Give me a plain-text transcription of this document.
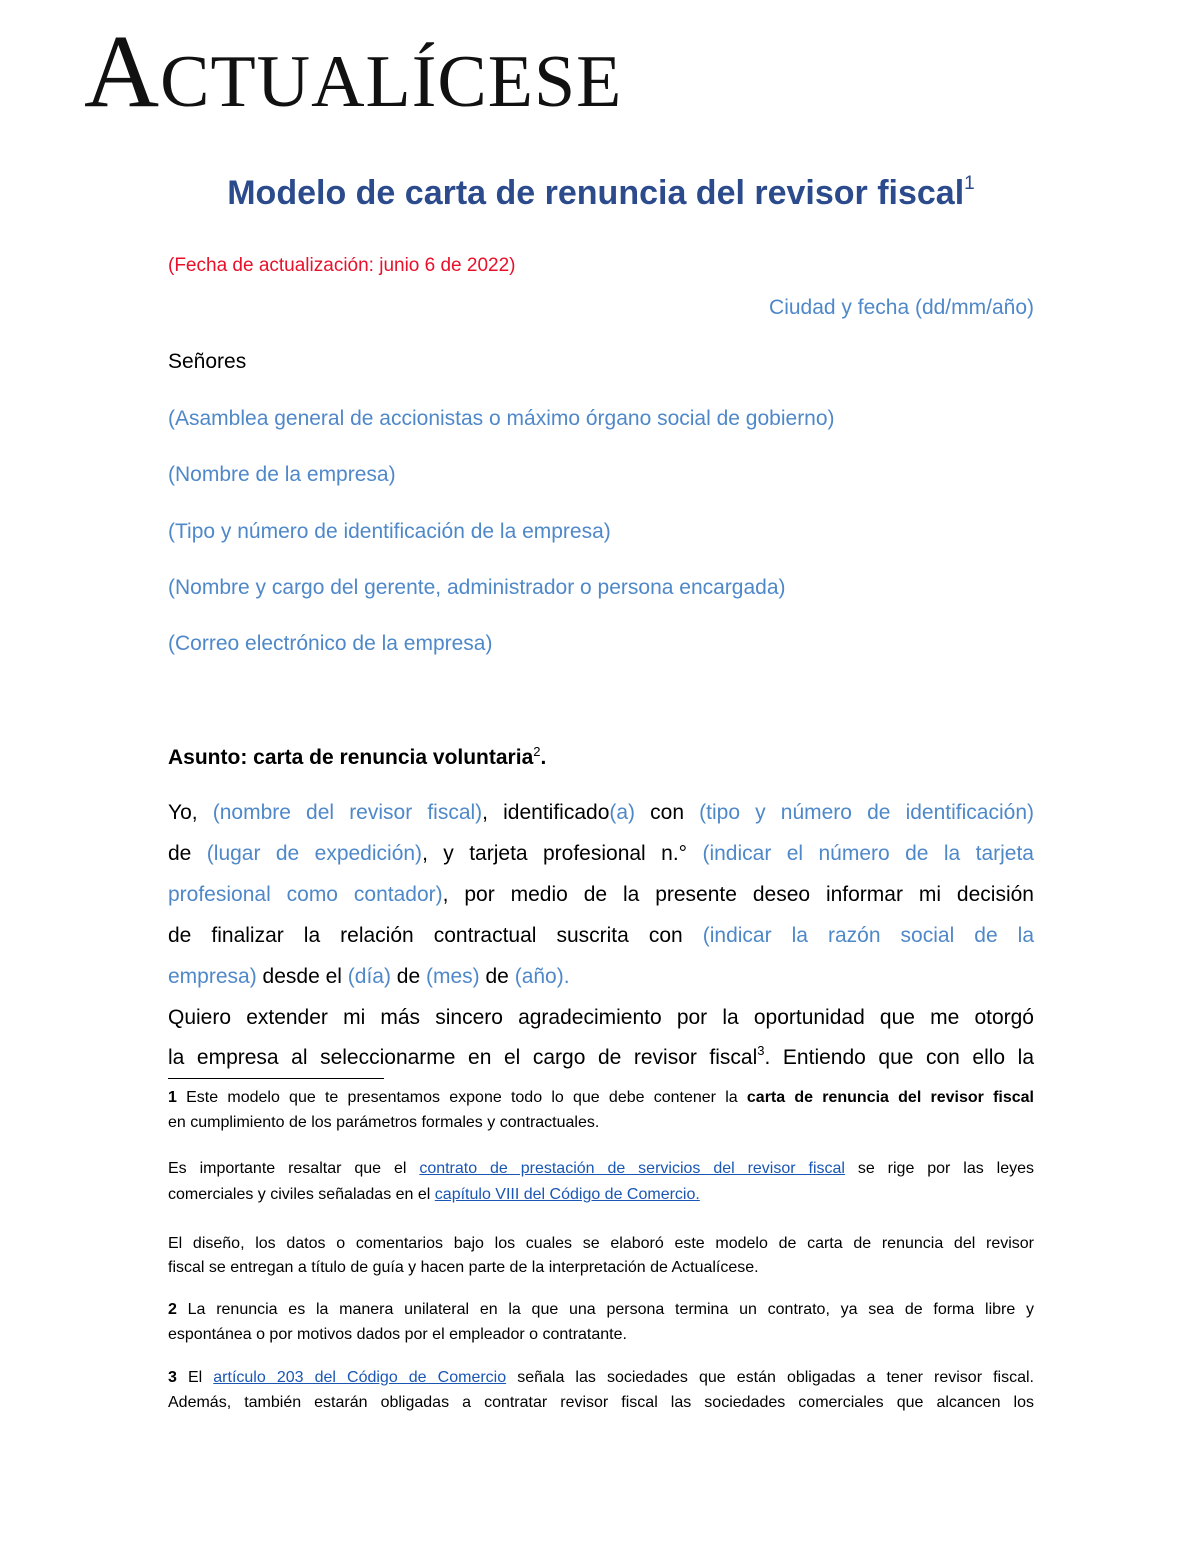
ACTUALÍCESE
Modelo de carta de renuncia del revisor fiscal$^1$
(Fecha de actualización: junio 6 de 2022)
Ciudad y fecha (dd/mm/año)
Señores
(Asamblea general de accionistas o máximo órgano social de gobierno)
(Nombre de la empresa)
(Tipo y número de identificación de la empresa)
(Nombre y cargo del gerente, administrador o persona encargada)
(Correo electrónico de la empresa)
Asunto: carta de renuncia voluntaria$^2$.
Yo, (nombre del revisor fiscal), identificado(a) con (tipo y número de identificación)
de (lugar de expedición), y tarjeta profesional n.° (indicar el número de la tarjeta
profesional como contador), por medio de la presente deseo informar mi decisión
de finalizar la relación contractual suscrita con (indicar la razón social de la
empresa) desde el (día) de (mes) de (año).
Quiero extender mi más sincero agradecimiento por la oportunidad que me otorgó
la empresa al seleccionarme en el cargo de revisor fiscal$^3$. Entiendo que con ello la
1 Este modelo que te presentamos expone todo lo que debe contener la carta de renuncia del revisor fiscal
en cumplimiento de los parámetros formales y contractuales.
Es importante resaltar que el contrato de prestación de servicios del revisor fiscal se rige por las leyes
comerciales y civiles señaladas en el capítulo VIII del Código de Comercio.
El diseño, los datos o comentarios bajo los cuales se elaboró este modelo de carta de renuncia del revisor
fiscal se entregan a título de guía y hacen parte de la interpretación de Actualícese.
2 La renuncia es la manera unilateral en la que una persona termina un contrato, ya sea de forma libre y
espontánea o por motivos dados por el empleador o contratante.
3 El artículo 203 del Código de Comercio señala las sociedades que están obligadas a tener revisor fiscal.
Además, también estarán obligadas a contratar revisor fiscal las sociedades comerciales que alcancen los
